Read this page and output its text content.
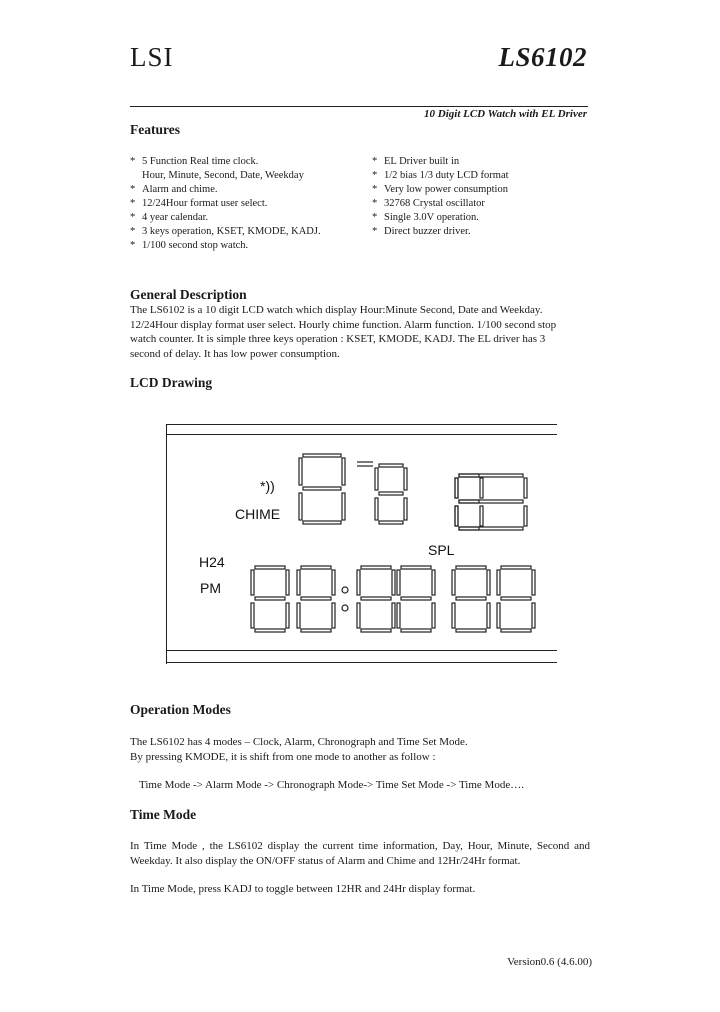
LSI	LS6102
10 Digit LCD Watch with EL Driver
Features
* 5 Function Real time clock.
Hour, Minute, Second, Date, Weekday
* Alarm and chime.
* 12/24Hour format user select.
* 4 year calendar.
* 3 keys operation, KSET, KMODE, KADJ.
* 1/100 second stop watch.
* EL Driver built in
* 1/2 bias 1/3 duty LCD format
* Very low power consumption
* 32768 Crystal oscillator
* Single 3.0V operation.
* Direct buzzer driver.
General Description
The LS6102 is a 10 digit LCD watch which display Hour:Minute Second, Date and Weekday.
12/24Hour display format user select. Hourly chime function. Alarm function. 1/100 second stop
watch counter. It is simple three keys operation : KSET, KMODE, KADJ. The EL driver has 3
second of delay. It has low power consumption.
LCD Drawing
*))
CHIME
SPL
H24
PM
Operation Modes
The LS6102 has 4 modes – Clock, Alarm, Chronograph and Time Set Mode.
By pressing KMODE, it is shift from one mode to another as follow :
Time Mode -> Alarm Mode -> Chronograph Mode-> Time Set Mode -> Time Mode….
Time Mode
In Time Mode , the LS6102 display the current time information, Day, Hour, Minute, Second and Weekday. It also display the ON/OFF status of Alarm and Chime and 12Hr/24Hr format.
In Time Mode, press KADJ to toggle between 12HR and 24Hr display format.
Version0.6 (4.6.00)
